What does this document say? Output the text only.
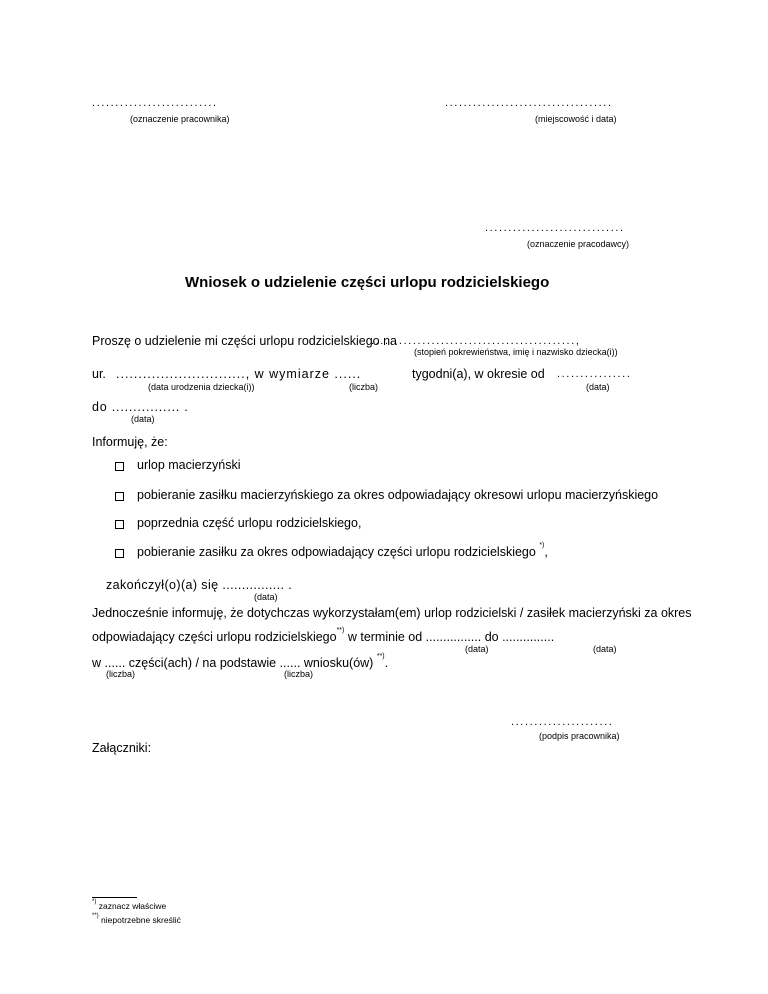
...........................
(oznaczenie pracownika)
....................................
(miejscowość i data)
..............................
(oznaczenie pracodawcy)
Wniosek o udzielenie części urlopu rodzicielskiego
Proszę o udzielenie mi części urlopu rodzicielskiego na
............................................,
(stopień pokrewieństwa, imię i nazwisko dziecka(i))
ur. ............................., w wymiarze ......	tygodni(a), w okresie od ................
(data urodzenia dziecka(i))	(liczba)	(data)
do ................ .
(data)
Informuję, że:
urlop macierzyński
pobieranie zasiłku macierzyńskiego za okres odpowiadający okresowi urlopu macierzyńskiego
poprzednia część urlopu rodzicielskiego,
pobieranie zasiłku za okres odpowiadający części urlopu rodzicielskiego *),
zakończył(o)(a) się ................ .
(data)
Jednocześnie informuję, że dotychczas wykorzystałam(em) urlop rodzicielski / zasiłek macierzyński za okres
odpowiadający części urlopu rodzicielskiego**) w terminie od ................ do ...............
(data)	(data)
w ...... części(ach) / na podstawie ...... wniosku(ów) **).
(liczba)	(liczba)
......................
(podpis pracownika)
Załączniki:
*) zaznacz właściwe
**) niepotrzebne skreślić
